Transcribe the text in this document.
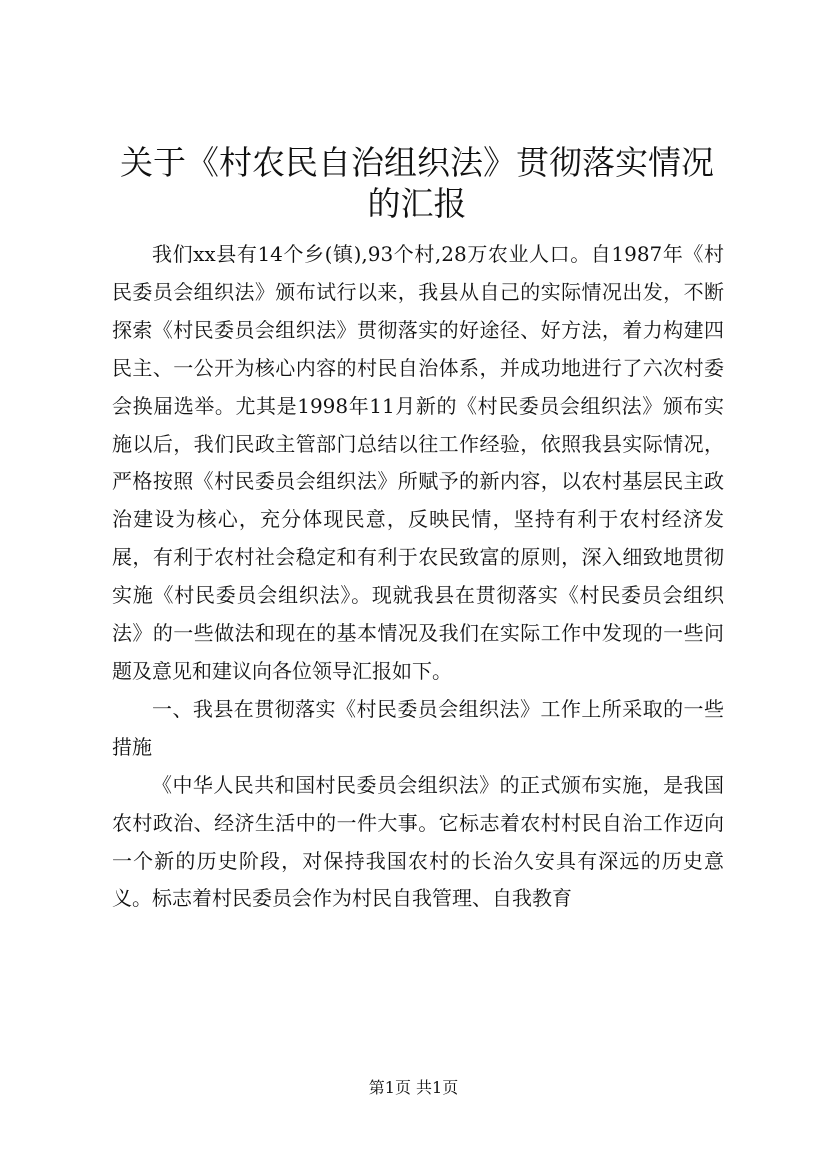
关于《村农民自治组织法》贯彻落实情况的汇报

我们xx县有14个乡(镇),93个村,28万农业人口。自1987年《村民委员会组织法》颁布试行以来，我县从自己的实际情况出发，不断探索《村民委员会组织法》贯彻落实的好途径、好方法，着力构建四民主、一公开为核心内容的村民自治体系，并成功地进行了六次村委会换届选举。尤其是1998年11月新的《村民委员会组织法》颁布实施以后，我们民政主管部门总结以往工作经验，依照我县实际情况，严格按照《村民委员会组织法》所赋予的新内容，以农村基层民主政治建设为核心，充分体现民意，反映民情，坚持有利于农村经济发展，有利于农村社会稳定和有利于农民致富的原则，深入细致地贯彻实施《村民委员会组织法》。现就我县在贯彻落实《村民委员会组织法》的一些做法和现在的基本情况及我们在实际工作中发现的一些问题及意见和建议向各位领导汇报如下。

一、我县在贯彻落实《村民委员会组织法》工作上所采取的一些措施

《中华人民共和国村民委员会组织法》的正式颁布实施，是我国农村政治、经济生活中的一件大事。它标志着农村村民自治工作迈向一个新的历史阶段，对保持我国农村的长治久安具有深远的历史意义。标志着村民委员会作为村民自我管理、自我教育

第1页 共1页
